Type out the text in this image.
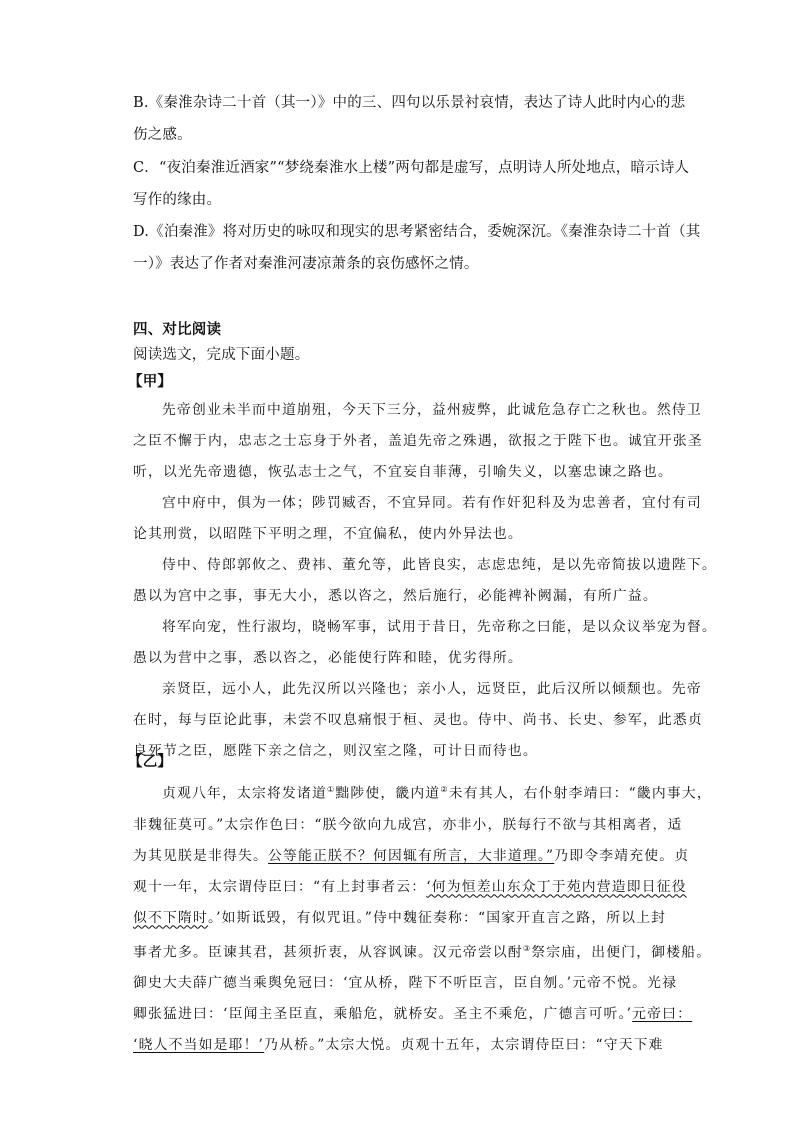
B.《秦淮杂诗二十首（其一）》中的三、四句以乐景衬哀情，表达了诗人此时内心的悲

伤之感。

C．“夜泊秦淮近酒家”“梦绕秦淮水上楼”两句都是虚写，点明诗人所处地点，暗示诗人

写作的缘由。

D.《泊秦淮》将对历史的咏叹和现实的思考紧密结合，委婉深沉。《秦淮杂诗二十首（其

一）》表达了作者对秦淮河凄凉萧条的哀伤感怀之情。

四、对比阅读

阅读选文，完成下面小题。

【甲】

先帝创业未半而中道崩殂，今天下三分，益州疲弊，此诚危急存亡之秋也。然侍卫

之臣不懈于内，忠志之士忘身于外者，盖追先帝之殊遇，欲报之于陛下也。诚宜开张圣

听，以光先帝遗德，恢弘志士之气，不宜妄自菲薄，引喻失义，以塞忠谏之路也。

宫中府中，俱为一体；陟罚臧否，不宜异同。若有作奸犯科及为忠善者，宜付有司

论其刑赏，以昭陛下平明之理，不宜偏私，使内外异法也。

侍中、侍郎郭攸之、费祎、董允等，此皆良实，志虑忠纯，是以先帝简拔以遗陛下。

愚以为宫中之事，事无大小，悉以咨之，然后施行，必能裨补阙漏，有所广益。

将军向宠，性行淑均，晓畅军事，试用于昔日，先帝称之曰能，是以众议举宠为督。

愚以为营中之事，悉以咨之，必能使行阵和睦，优劣得所。

亲贤臣，远小人，此先汉所以兴隆也；亲小人，远贤臣，此后汉所以倾颓也。先帝

在时，每与臣论此事，未尝不叹息痛恨于桓、灵也。侍中、尚书、长史、参军，此悉贞

良死节之臣，愿陛下亲之信之，则汉室之隆，可计日而待也。

【乙】

贞观八年，太宗将发诸道①黜陟使，畿内道②未有其人，右仆射李靖曰：“畿内事大，

非魏征莫可。”太宗作色曰：“朕今欲向九成宫，亦非小，朕每行不欲与其相离者，适

为其见朕是非得失。公等能正朕不？何因辄有所言，大非道理。”乃即令李靖充使。贞

观十一年，太宗谓侍臣曰：“有上封事者云：‘何为恒差山东众丁于苑内营造即日征役

似不下隋时。’如斯诋毁，有似咒诅。”侍中魏征奏称：“国家开直言之路，所以上封

事者尤多。臣谏其君，甚须折衷，从容讽谏。汉元帝尝以酎③祭宗庙，出便门，御楼船。

御史大夫薛广德当乘舆免冠曰：‘宜从桥，陛下不听臣言，臣自刎。’元帝不悦。光禄

卿张猛进曰：‘臣闻主圣臣直，乘船危，就桥安。圣主不乘危，广德言可听。’元帝曰：

‘晓人不当如是耶！’乃从桥。”太宗大悦。贞观十五年，太宗谓侍臣曰：“守天下难
